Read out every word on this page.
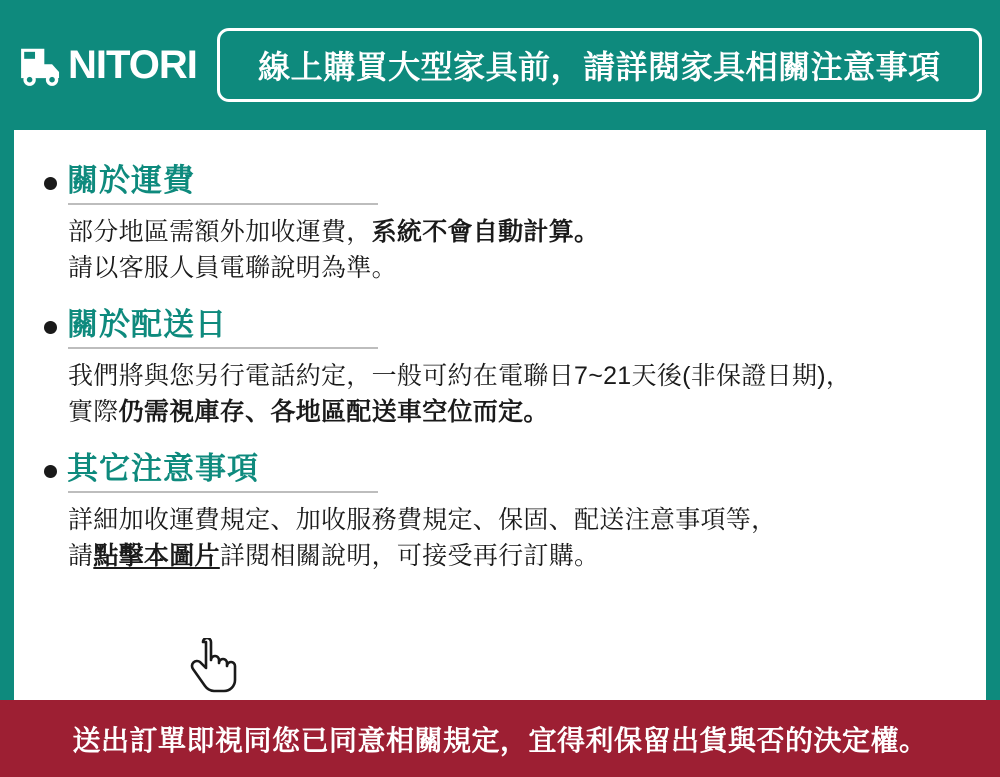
NITORI 線上購買大型家具前，請詳閱家具相關注意事項
關於運費
部分地區需額外加收運費，系統不會自動計算。
請以客服人員電聯說明為準。
關於配送日
我們將與您另行電話約定，一般可約在電聯日7~21天後(非保證日期)，
實際仍需視庫存、各地區配送車空位而定。
其它注意事項
詳細加收運費規定、加收服務費規定、保固、配送注意事項等，
請點擊本圖片詳閱相關說明，可接受再行訂購。
送出訂單即視同您已同意相關規定，宜得利保留出貨與否的決定權。
